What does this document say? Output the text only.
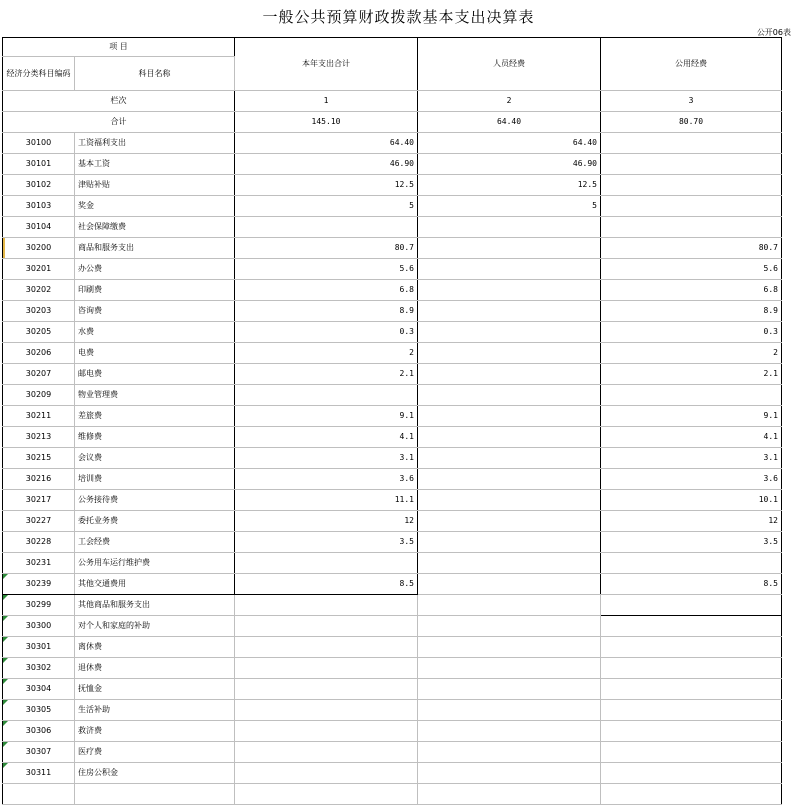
一般公共预算财政拨款基本支出决算表
公开06表
项 目		本年支出合计	人员经费	公用经费
经济分类科目编码	科目名称			
栏次		1	2	3
合计		145.10	64.40	80.70
30100	工资福利支出	64.40	64.40	
30101	基本工资	46.90	46.90	
30102	津贴补贴	12.5	12.5	
30103	奖金	5	5	
30104	社会保障缴费			
30200	商品和服务支出	80.7		80.7
30201	办公费	5.6		5.6
30202	印刷费	6.8		6.8
30203	咨询费	8.9		8.9
30205	水费	0.3		0.3
30206	电费	2		2
30207	邮电费	2.1		2.1
30209	物业管理费			
30211	差旅费	9.1		9.1
30213	维修费	4.1		4.1
30215	会议费	3.1		3.1
30216	培训费	3.6		3.6
30217	公务接待费	11.1		10.1
30227	委托业务费	12		12
30228	工会经费	3.5		3.5
30231	公务用车运行维护费			
30239	其他交通费用	8.5		8.5
30299	其他商品和服务支出			
30300	对个人和家庭的补助			
30301	离休费			
30302	退休费			
30304	抚恤金			
30305	生活补助			
30306	救济费			
30307	医疗费			
30311	住房公积金			
